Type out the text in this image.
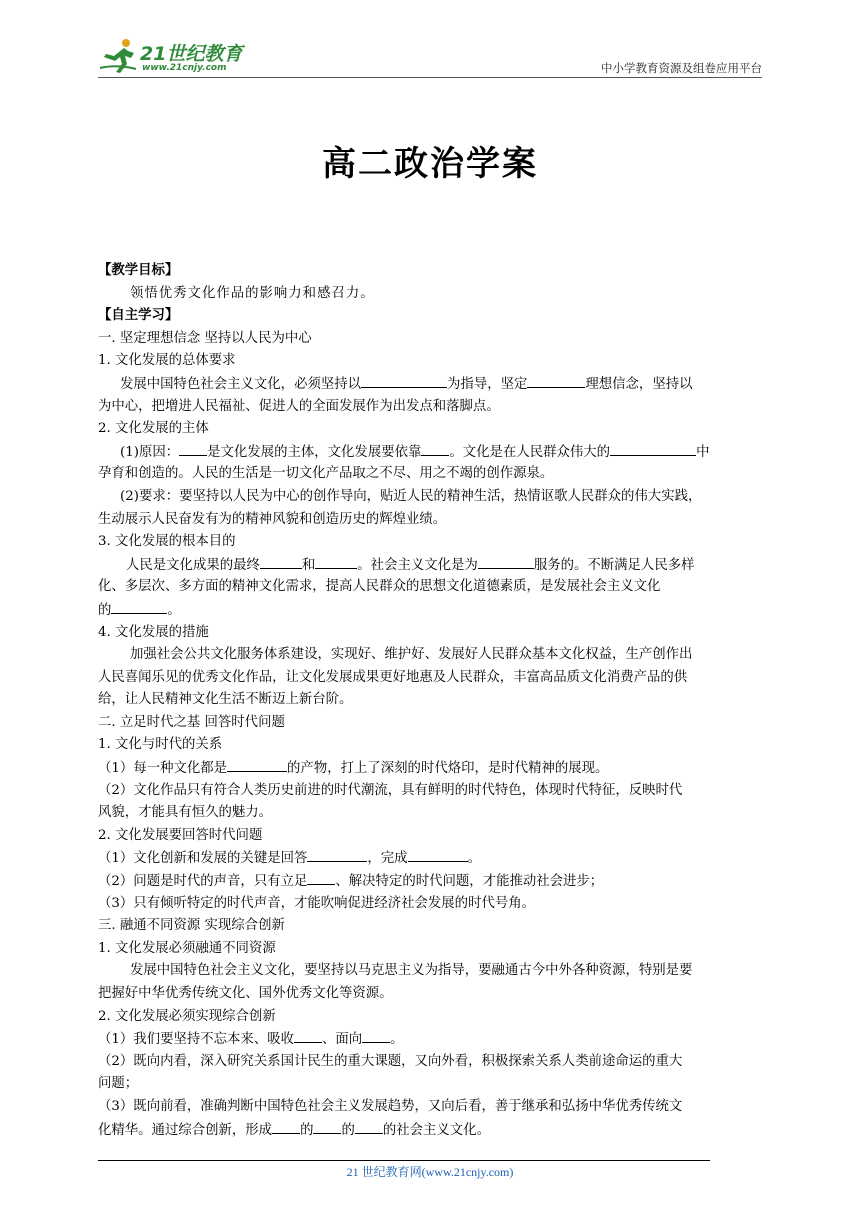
21世纪教育
www.21cnjy.com	中小学教育资源及组卷应用平台
高二政治学案
【教学目标】
领悟优秀文化作品的影响力和感召力。
【自主学习】
一. 坚定理想信念 坚持以人民为中心
1. 文化发展的总体要求
发展中国特色社会主义文化，必须坚持以	为指导，坚定	理想信念，坚持以
为中心，把增进人民福祉、促进人的全面发展作为出发点和落脚点。
2. 文化发展的主体
(1)原因： 是文化发展的主体，文化发展要依靠 。文化是在人民群众伟大的	中
孕育和创造的。人民的生活是一切文化产品取之不尽、用之不竭的创作源泉。
(2)要求：要坚持以人民为中心的创作导向，贴近人民的精神生活，热情讴歌人民群众的伟大实践，
生动展示人民奋发有为的精神风貌和创造历史的辉煌业绩。
3. 文化发展的根本目的
人民是文化成果的最终	和	。社会主义文化是为	服务的。不断满足人民多样
化、多层次、多方面的精神文化需求，提高人民群众的思想文化道德素质，是发展社会主义文化
的	。
4. 文化发展的措施
加强社会公共文化服务体系建设，实现好、维护好、发展好人民群众基本文化权益，生产创作出
人民喜闻乐见的优秀文化作品，让文化发展成果更好地惠及人民群众，丰富高品质文化消费产品的供
给，让人民精神文化生活不断迈上新台阶。
二. 立足时代之基 回答时代问题
1. 文化与时代的关系
（1）每一种文化都是	的产物，打上了深刻的时代烙印，是时代精神的展现。
（2）文化作品只有符合人类历史前进的时代潮流，具有鲜明的时代特色，体现时代特征，反映时代
风貌，才能具有恒久的魅力。
2. 文化发展要回答时代问题
（1）文化创新和发展的关键是回答	，完成	。
（2）问题是时代的声音，只有立足 、解决特定的时代问题，才能推动社会进步；
（3）只有倾听特定的时代声音，才能吹响促进经济社会发展的时代号角。
三. 融通不同资源 实现综合创新
1. 文化发展必须融通不同资源
发展中国特色社会主义文化，要坚持以马克思主义为指导，要融通古今中外各种资源，特别是要
把握好中华优秀传统文化、国外优秀文化等资源。
2. 文化发展必须实现综合创新
（1）我们要坚持不忘本来、吸收 、面向 。
（2）既向内看，深入研究关系国计民生的重大课题，又向外看，积极探索关系人类前途命运的重大
问题；
（3）既向前看，准确判断中国特色社会主义发展趋势，又向后看，善于继承和弘扬中华优秀传统文
化精华。通过综合创新，形成 的 的 的社会主义文化。
21 世纪教育网(www.21cnjy.com)
